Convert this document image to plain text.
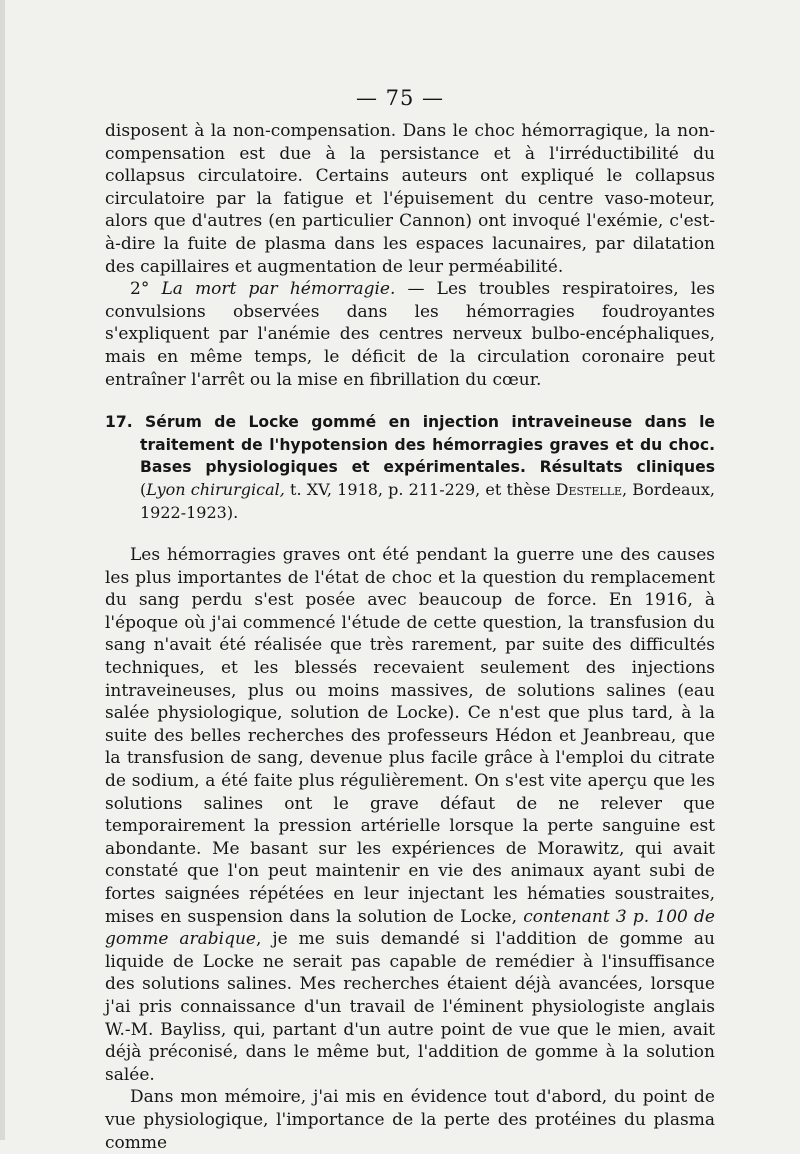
— 75 —

disposent à la non-compensation. Dans le choc hémorragique, la non-compensation est due à la persistance et à l'irréductibilité du collapsus circulatoire. Certains auteurs ont expliqué le collapsus circulatoire par la fatigue et l'épuisement du centre vaso-moteur, alors que d'autres (en particulier Cannon) ont invoqué l'exémie, c'est-à-dire la fuite de plasma dans les espaces lacunaires, par dilatation des capillaires et augmentation de leur perméabilité.

2° La mort par hémorragie. — Les troubles respiratoires, les convulsions observées dans les hémorragies foudroyantes s'expliquent par l'anémie des centres nerveux bulbo-encéphaliques, mais en même temps, le déficit de la circulation coronaire peut entraîner l'arrêt ou la mise en fibrillation du cœur.

17. Sérum de Locke gommé en injection intraveineuse dans le traitement de l'hypotension des hémorragies graves et du choc. Bases physiologiques et expérimentales. Résultats cliniques (Lyon chirurgical, t. XV, 1918, p. 211-229, et thèse Destelle, Bordeaux, 1922-1923).

Les hémorragies graves ont été pendant la guerre une des causes les plus importantes de l'état de choc et la question du remplacement du sang perdu s'est posée avec beaucoup de force. En 1916, à l'époque où j'ai commencé l'étude de cette question, la transfusion du sang n'avait été réalisée que très rarement, par suite des difficultés techniques, et les blessés recevaient seulement des injections intraveineuses, plus ou moins massives, de solutions salines (eau salée physiologique, solution de Locke). Ce n'est que plus tard, à la suite des belles recherches des professeurs Hédon et Jeanbreau, que la transfusion de sang, devenue plus facile grâce à l'emploi du citrate de sodium, a été faite plus régulièrement. On s'est vite aperçu que les solutions salines ont le grave défaut de ne relever que temporairement la pression artérielle lorsque la perte sanguine est abondante. Me basant sur les expériences de Morawitz, qui avait constaté que l'on peut maintenir en vie des animaux ayant subi de fortes saignées répétées en leur injectant les hématies soustraites, mises en suspension dans la solution de Locke, contenant 3 p. 100 de gomme arabique, je me suis demandé si l'addition de gomme au liquide de Locke ne serait pas capable de remédier à l'insuffisance des solutions salines. Mes recherches étaient déjà avancées, lorsque j'ai pris connaissance d'un travail de l'éminent physiologiste anglais W.-M. Bayliss, qui, partant d'un autre point de vue que le mien, avait déjà préconisé, dans le même but, l'addition de gomme à la solution salée.

Dans mon mémoire, j'ai mis en évidence tout d'abord, du point de vue physiologique, l'importance de la perte des protéines du plasma comme
